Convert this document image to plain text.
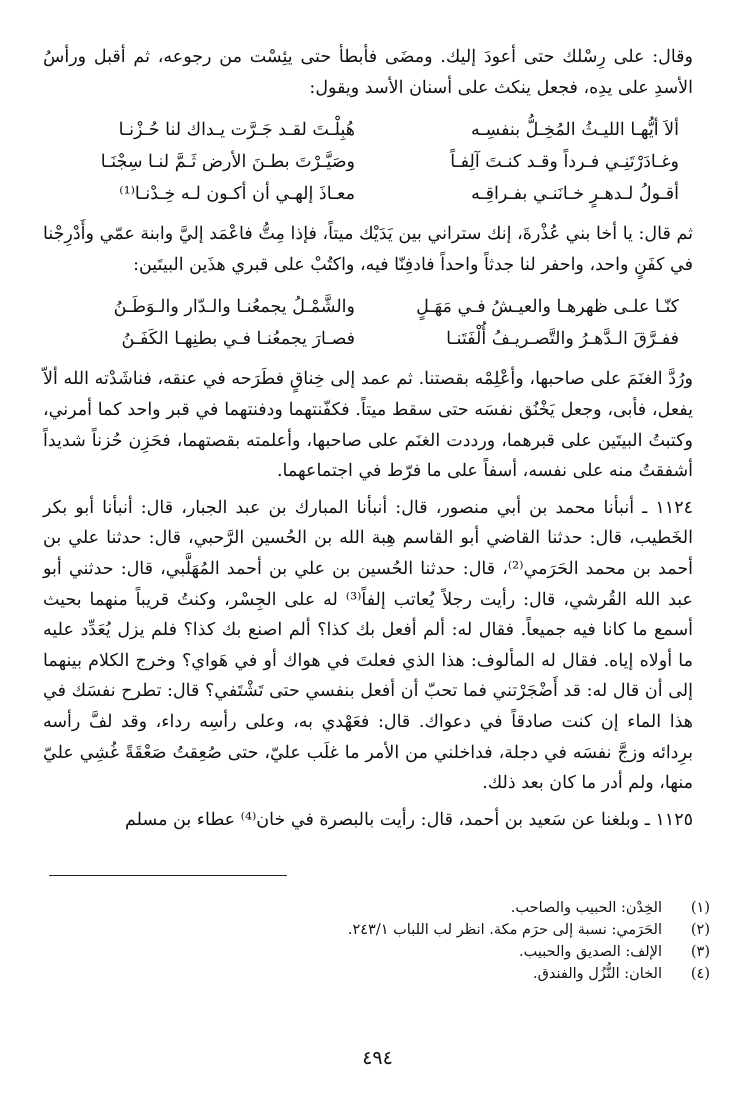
وقال: على رِسْلك حتى أعودَ إليك. ومضَى فأبطأ حتى يئِسْت من رجوعه، ثم أقبل ورأسُ الأسدِ على يدِه، فجعل ينكث على أسنان الأسد ويقول:

ألاَ أيُّهـا الليـثُ المُخِـلُّ بنفسِـه
هُبِلْـتَ لقـد جَـرَّت يـداك لنا حُـزْنـا
وغـادَرْتَنِـي فـرداً وقـد كنـتَ آلِفـاً
وصَيَّـرْتَ بطـنَ الأرض ثَـمَّ لنـا سِجْنَـا
أقـولُ لـدهـرٍ خـانَنـي بفـراقِـه
معـاذَ إلهـي أن أكـون لـه خِـدْنـا⁽¹⁾

ثم قال: يا أخا بني عُذْرةَ، إنك ستراني بين يَدَيْك ميتاً، فإذا مِتُّ فاعْمَد إليَّ وابنة عمّي وأَدْرِجْنا في كفَنٍ واحد، واحفر لنا جدثاً واحداً فادفِنّا فيه، واكتُبْ على قبري هذَين البيتَين:

كنّـا علـى ظهرهـا والعيـشُ فـي مَهَـلٍ
والشَّمْـلُ يجمعُنـا والـدّار والـوَطَـنُ
ففـرَّقَ الـدَّهـرُ والتَّصـريـفُ أُلْفَتَنـا
فصـارَ يجمعُنـا فـي بطنِهـا الكَفَـنُ

ورُدَّ الغنَمَ على صاحبها، وأعْلِمْه بقصتنا. ثم عمد إلى خِناقٍ فطَرَحه في عنقه، فناشَدْته الله ألاّ يفعل، فأبى، وجعل يَخْنُق نفسَه حتى سقط ميتاً. فكفّنتهما ودفنتهما في قبر واحد كما أمرني، وكتبتُ البيتَين على قبرهما، ورددت الغنَم على صاحبها، وأعلمته بقصتهما، فحَزِن حُزناً شديداً أشفقتُ منه على نفسه، أسفاً على ما فرّط في اجتماعهما.

١١٢٤ ـ أنبأنا محمد بن أبي منصور، قال: أنبأنا المبارك بن عبد الجبار، قال: أنبأنا أبو بكر الخَطيب، قال: حدثنا القاضي أبو القاسم هِبة الله بن الحُسين الرَّحبي، قال: حدثنا علي بن أحمد بن محمد الحَرَمي⁽²⁾، قال: حدثنا الحُسين بن علي بن أحمد المُهَلَّبي، قال: حدثني أبو عبد الله القُرشي، قال: رأيت رجلاً يُعاتب إلفاً⁽³⁾ له على الجِسْر، وكنتُ قريباً منهما بحيث أسمع ما كانا فيه جميعاً. فقال له: ألم أفعل بك كذا؟ ألم اصنع بك كذا؟ فلم يزل يُعَدِّد عليه ما أولاه إياه. فقال له المألوف: هذا الذي فعلتَ في هواك أو في هَواي؟ وخرج الكلام بينهما إلى أن قال له: قد أَضْجَرْتني فما تحبّ أن أفعل بنفسي حتى تَشْتَفي؟ قال: تطرح نفسَك في هذا الماء إن كنت صادقاً في دعواك. قال: فعَهْدي به، وعلى رأسِه رداء، وقد لفَّ رأسه برِدائه وزجَّ نفسَه في دجلة، فداخلني من الأمر ما غلَب عليّ، حتى صُعِقتُ صَعْقَةً غُشِي عليّ منها، ولم أدر ما كان بعد ذلك.

١١٢٥ ـ وبلغنا عن سَعيد بن أحمد، قال: رأيت بالبصرة في خان⁽⁴⁾ عطاء بن مسلم

(١)
الخِدْن: الحبيب والصاحب.
(٢)
الحَرَمي: نسبة إلى حرَم مكة. انظر لب اللباب ٢٤٣/١.
(٣)
الإلف: الصديق والحبيب.
(٤)
الخان: النُّزُل والفندق.
٤٩٤
